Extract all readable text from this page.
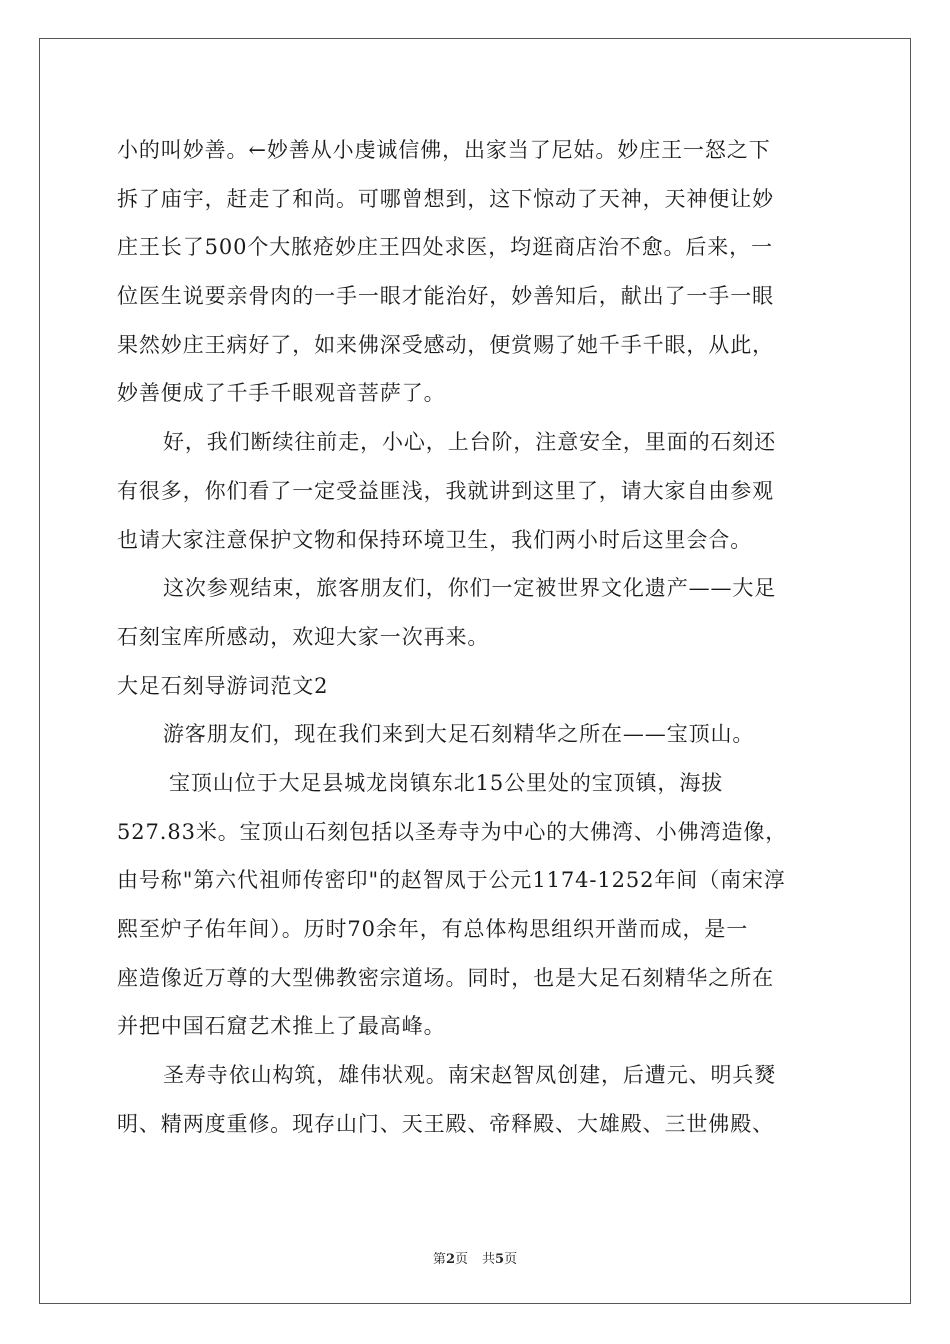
小的叫妙善。←妙善从小虔诚信佛，出家当了尼姑。妙庄王一怒之下
拆了庙宇，赶走了和尚。可哪曾想到，这下惊动了天神，天神便让妙
庄王长了500个大脓疮妙庄王四处求医，均逛商店治不愈。后来，一
位医生说要亲骨肉的一手一眼才能治好，妙善知后，献出了一手一眼
果然妙庄王病好了，如来佛深受感动，便赏赐了她千手千眼，从此，
妙善便成了千手千眼观音菩萨了。
好，我们断续往前走，小心，上台阶，注意安全，里面的石刻还
有很多，你们看了一定受益匪浅，我就讲到这里了，请大家自由参观
也请大家注意保护文物和保持环境卫生，我们两小时后这里会合。
这次参观结束，旅客朋友们，你们一定被世界文化遗产——大足
石刻宝库所感动，欢迎大家一次再来。
大足石刻导游词范文2
游客朋友们，现在我们来到大足石刻精华之所在——宝顶山。
宝顶山位于大足县城龙岗镇东北15公里处的宝顶镇，海拔
527.83米。宝顶山石刻包括以圣寿寺为中心的大佛湾、小佛湾造像，
由号称"第六代祖师传密印"的赵智凤于公元1174-1252年间（南宋淳
熙至炉子佑年间）。历时70余年，有总体构思组织开凿而成，是一
座造像近万尊的大型佛教密宗道场。同时，也是大足石刻精华之所在
并把中国石窟艺术推上了最高峰。
圣寿寺依山构筑，雄伟状观。南宋赵智凤创建，后遭元、明兵燹
明、精两度重修。现存山门、天王殿、帝释殿、大雄殿、三世佛殿、
第2页 共5页
